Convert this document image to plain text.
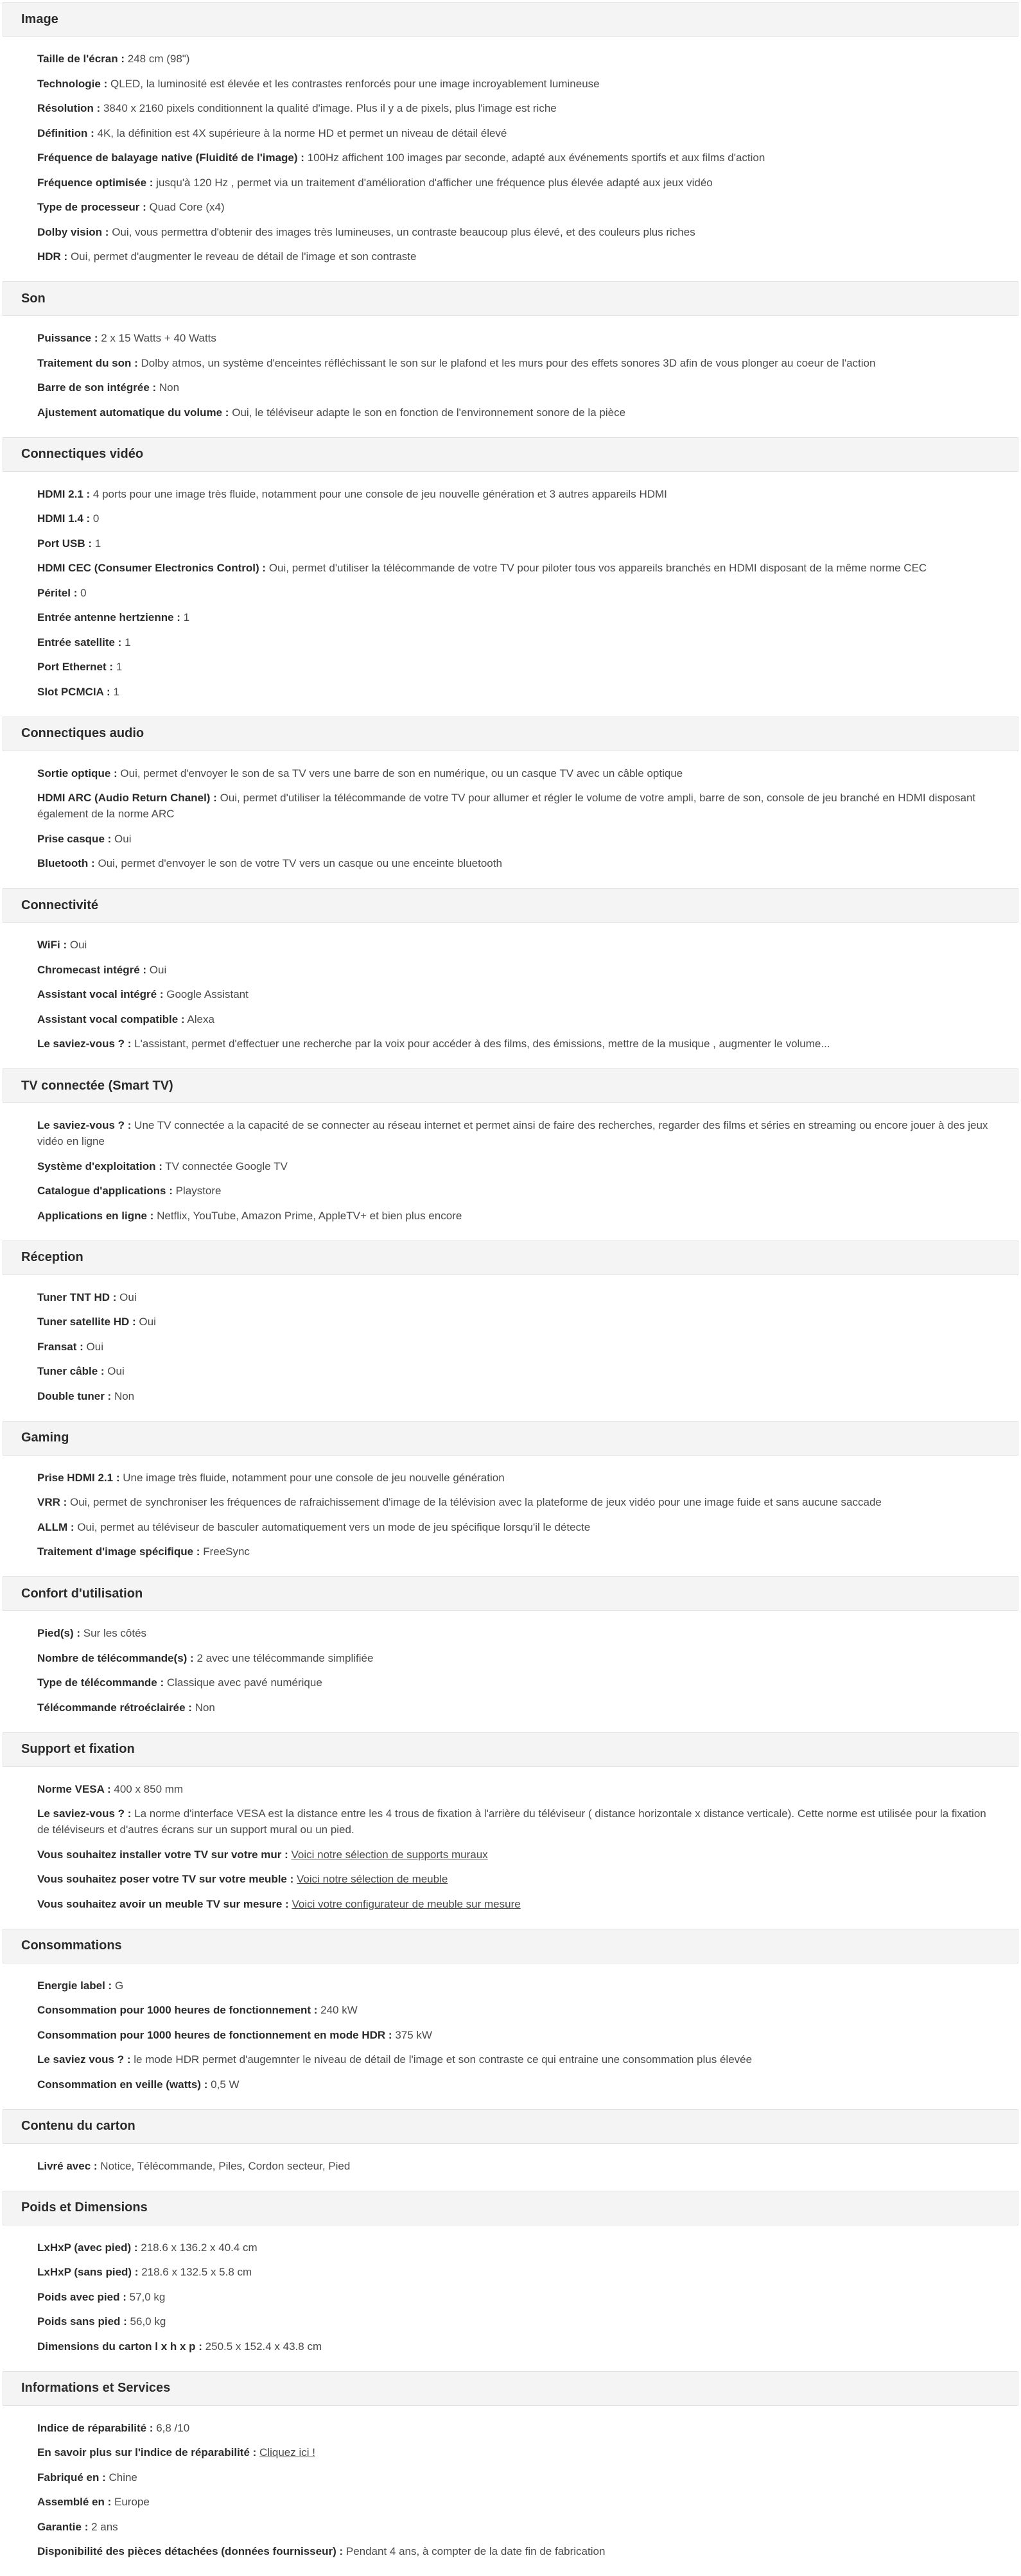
Image
Taille de l'écran : 248 cm (98")
Technologie : QLED, la luminosité est élevée et les contrastes renforcés pour une image incroyablement lumineuse
Résolution : 3840 x 2160 pixels conditionnent la qualité d'image. Plus il y a de pixels, plus l'image est riche
Définition : 4K, la définition est 4X supérieure à la norme HD et permet un niveau de détail élevé
Fréquence de balayage native (Fluidité de l'image) : 100Hz affichent 100 images par seconde, adapté aux événements sportifs et aux films d'action
Fréquence optimisée : jusqu'à 120 Hz , permet via un traitement d'amélioration d'afficher une fréquence plus élevée adapté aux jeux vidéo
Type de processeur : Quad Core (x4)
Dolby vision : Oui, vous permettra d'obtenir des images très lumineuses, un contraste beaucoup plus élevé, et des couleurs plus riches
HDR : Oui, permet d'augmenter le reveau de détail de l'image et son contraste
Son
Puissance : 2 x 15 Watts + 40 Watts
Traitement du son : Dolby atmos, un système d'enceintes réfléchissant le son sur le plafond et les murs pour des effets sonores 3D afin de vous plonger au coeur de l'action
Barre de son intégrée : Non
Ajustement automatique du volume : Oui, le téléviseur adapte le son en fonction de l'environnement sonore de la pièce
Connectiques vidéo
HDMI 2.1 : 4 ports pour une image très fluide, notamment pour une console de jeu nouvelle génération et 3 autres appareils HDMI
HDMI 1.4 : 0
Port USB : 1
HDMI CEC (Consumer Electronics Control) : Oui, permet d'utiliser la télécommande de votre TV pour piloter tous vos appareils branchés en HDMI disposant de la même norme CEC
Péritel : 0
Entrée antenne hertzienne : 1
Entrée satellite : 1
Port Ethernet : 1
Slot PCMCIA : 1
Connectiques audio
Sortie optique : Oui, permet d'envoyer le son de sa TV vers une barre de son en numérique, ou un casque TV avec un câble optique
HDMI ARC (Audio Return Chanel) : Oui, permet d'utiliser la télécommande de votre TV pour allumer et régler le volume de votre ampli, barre de son, console de jeu branché en HDMI disposant également de la norme ARC
Prise casque : Oui
Bluetooth : Oui, permet d'envoyer le son de votre TV vers un casque ou une enceinte bluetooth
Connectivité
WiFi : Oui
Chromecast intégré : Oui
Assistant vocal intégré : Google Assistant
Assistant vocal compatible : Alexa
Le saviez-vous ? : L'assistant, permet d'effectuer une recherche par la voix pour accéder à des films, des émissions, mettre de la musique , augmenter le volume...
TV connectée (Smart TV)
Le saviez-vous ? : Une TV connectée a la capacité de se connecter au réseau internet et permet ainsi de faire des recherches, regarder des films et séries en streaming ou encore jouer à des jeux vidéo en ligne
Système d'exploitation : TV connectée Google TV
Catalogue d'applications : Playstore
Applications en ligne : Netflix, YouTube, Amazon Prime, AppleTV+ et bien plus encore
Réception
Tuner TNT HD : Oui
Tuner satellite HD : Oui
Fransat : Oui
Tuner câble : Oui
Double tuner : Non
Gaming
Prise HDMI 2.1 : Une image très fluide, notamment pour une console de jeu nouvelle génération
VRR : Oui, permet de synchroniser les fréquences de rafraichissement d'image de la télévision avec la plateforme de jeux vidéo pour une image fuide et sans aucune saccade
ALLM : Oui, permet au téléviseur de basculer automatiquement vers un mode de jeu spécifique lorsqu'il le détecte
Traitement d'image spécifique : FreeSync
Confort d'utilisation
Pied(s) : Sur les côtés
Nombre de télécommande(s) : 2 avec une télécommande simplifiée
Type de télécommande : Classique avec pavé numérique
Télécommande rétroéclairée : Non
Support et fixation
Norme VESA : 400 x 850 mm
Le saviez-vous ? : La norme d'interface VESA est la distance entre les 4 trous de fixation à l'arrière du téléviseur ( distance horizontale x distance verticale). Cette norme est utilisée pour la fixation de téléviseurs et d'autres écrans sur un support mural ou un pied.
Vous souhaitez installer votre TV sur votre mur : Voici notre sélection de supports muraux
Vous souhaitez poser votre TV sur votre meuble : Voici notre sélection de meuble
Vous souhaitez avoir un meuble TV sur mesure : Voici votre configurateur de meuble sur mesure
Consommations
Energie label : G
Consommation pour 1000 heures de fonctionnement : 240 kW
Consommation pour 1000 heures de fonctionnement en mode HDR : 375 kW
Le saviez vous ? : le mode HDR permet d'augemnter le niveau de détail de l'image et son contraste ce qui entraine une consommation plus élevée
Consommation en veille (watts) : 0,5 W
Contenu du carton
Livré avec : Notice, Télécommande, Piles, Cordon secteur, Pied
Poids et Dimensions
LxHxP (avec pied) : 218.6 x 136.2 x 40.4 cm
LxHxP (sans pied) : 218.6 x 132.5 x 5.8 cm
Poids avec pied : 57,0 kg
Poids sans pied : 56,0 kg
Dimensions du carton l x h x p : 250.5 x 152.4 x 43.8 cm
Informations et Services
Indice de réparabilité : 6,8 /10
En savoir plus sur l'indice de réparabilité : Cliquez ici !
Fabriqué en : Chine
Assemblé en : Europe
Garantie : 2 ans
Disponibilité des pièces détachées (données fournisseur) : Pendant 4 ans, à compter de la date fin de fabrication
